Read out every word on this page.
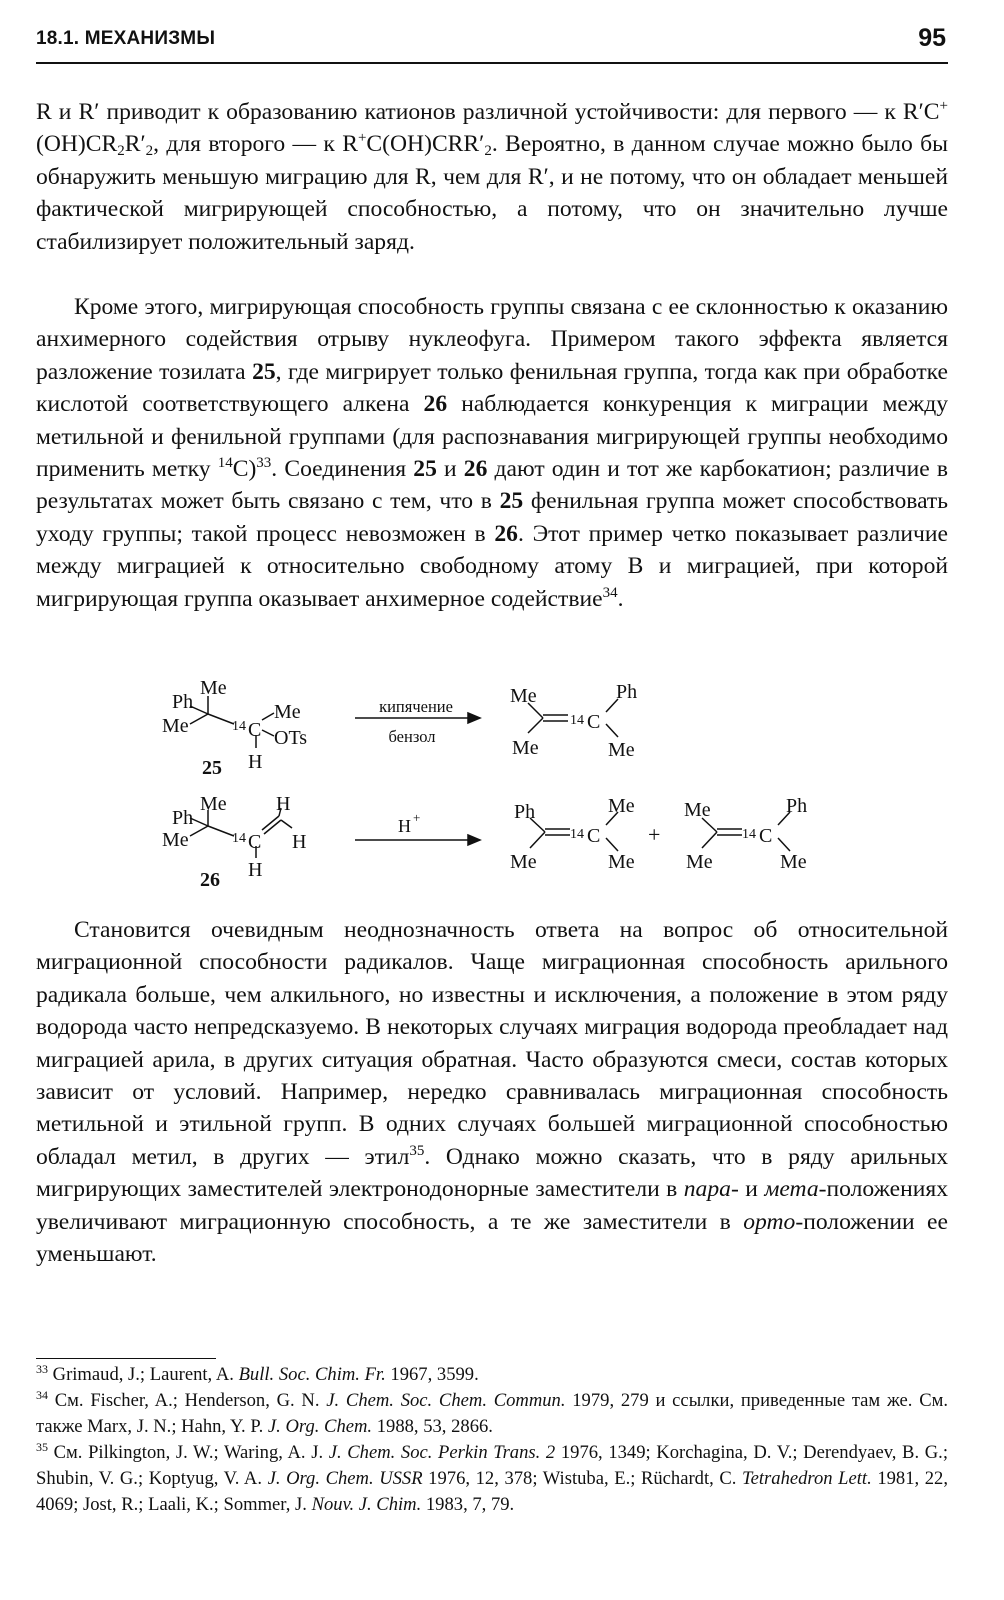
18.1. МЕХАНИЗМЫ	95

R и R′ приводит к образованию катионов различной устойчивости: для первого — к $R'C^+(OH)CR_2R'_2$, для второго — к $R^+C(OH)CRR'_2$. Вероятно, в данном случае можно было бы обнаружить меньшую миграцию для R, чем для R′, и не потому, что он обладает меньшей фактической мигрирующей способностью, а потому, что он значительно лучше стабилизирует положительный заряд.

Кроме этого, мигрирующая способность группы связана с ее склонностью к оказанию анхимерного содействия отрыву нуклеофуга. Примером такого эффекта является разложение тозилата 25, где мигрирует только фенильная группа, тогда как при обработке кислотой соответствующего алкена 26 наблюдается конкуренция к миграции между метильной и фенильной группами (для распознавания мигрирующей группы необходимо применить метку $^{14}$C)$^{33}$. Соединения 25 и 26 дают один и тот же карбокатион; различие в результатах может быть связано с тем, что в 25 фенильная группа может способствовать уходу группы; такой процесс невозможен в 26. Этот пример четко показывает различие между миграцией к относительно свободному атому B и миграцией, при которой мигрирующая группа оказывает анхимерное содействие$^{34}$.

Ph
Me
Me	14 C
Me
OTs
H
25
кипячение
бензол
Me
Me
14 C
Ph
Me
Ph
Me
Me	14 C
H
H
H
26
H +	Ph
Me
14 C
Me
Me
+
Me
Me
14 C
Ph
Me

Становится очевидным неоднозначность ответа на вопрос об относительной миграционной способности радикалов. Чаще миграционная способность арильного радикала больше, чем алкильного, но известны и исключения, а положение в этом ряду водорода часто непредсказуемо. В некоторых случаях миграция водорода преобладает над миграцией арила, в других ситуация обратная. Часто образуются смеси, состав которых зависит от условий. Например, нередко сравнивалась миграционная способность метильной и этильной групп. В одних случаях большей миграционной способностью обладал метил, в других — этил$^{35}$. Однако можно сказать, что в ряду арильных мигрирующих заместителей электронодонорные заместители в пара- и мета-положениях увеличивают миграционную способность, а те же заместители в орто-положении ее уменьшают.

$^{33}$ Grimaud, J.; Laurent, A. Bull. Soc. Chim. Fr. 1967, 3599.

$^{34}$ См. Fischer, A.; Henderson, G. N. J. Chem. Soc. Chem. Commun. 1979, 279 и ссылки, приведенные там же. См. также Marx, J. N.; Hahn, Y. P. J. Org. Chem. 1988, 53, 2866.

$^{35}$ См. Pilkington, J. W.; Waring, A. J. J. Chem. Soc. Perkin Trans. 2 1976, 1349; Korchagina, D. V.; Derendyaev, B. G.; Shubin, V. G.; Koptyug, V. A. J. Org. Chem. USSR 1976, 12, 378; Wistuba, E.; Rüchardt, C. Tetrahedron Lett. 1981, 22, 4069; Jost, R.; Laali, K.; Sommer, J. Nouv. J. Chim. 1983, 7, 79.
